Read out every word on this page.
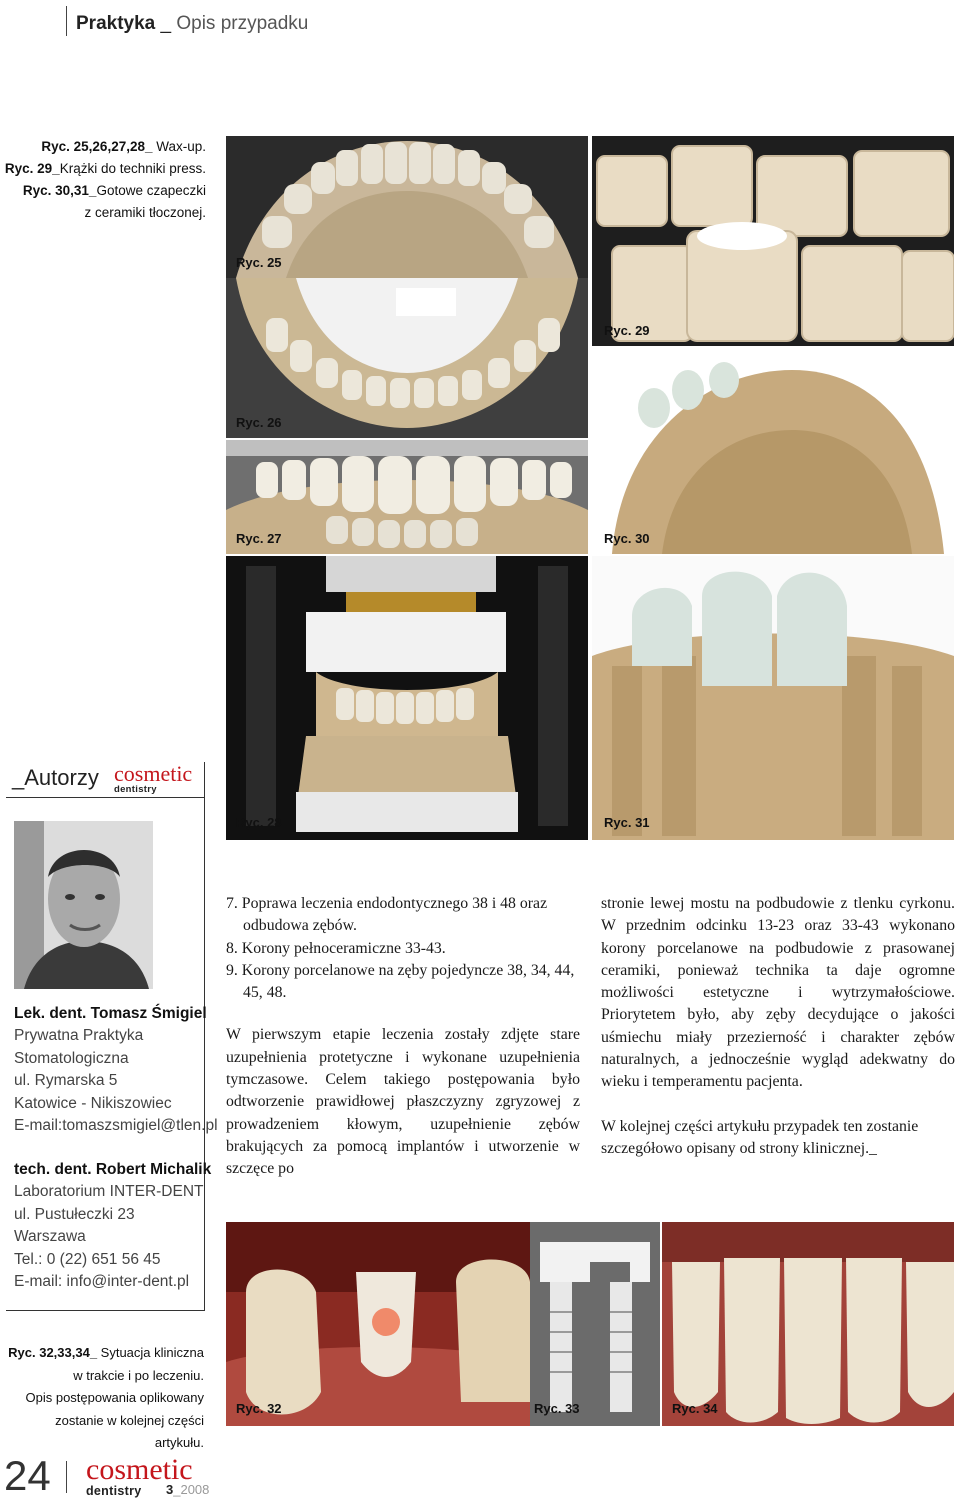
Praktyka _ Opis przypadku

Ryc. 25,26,27,28_ Wax-up.

Ryc. 29_Krążki do techniki press.

Ryc. 30,31_Gotowe czapeczki

z ceramiki tłoczonej.

Ryc. 25
Ryc. 26
Ryc. 27
Ryc. 28
Ryc. 29
Ryc. 30
Ryc. 31
_Autorzy cosmetic
dentistry
Lek. dent. Tomasz Śmigiel
Prywatna Praktyka
Stomatologiczna
ul. Rymarska 5
Katowice - Nikiszowiec
E-mail:tomaszsmigiel@tlen.pl
tech. dent. Robert Michalik
Laboratorium INTER-DENT
ul. Pustułeczki 23
Warszawa
Tel.: 0 (22) 651 56 45
E-mail: info@inter-dent.pl

7. Poprawa leczenia endodontycznego 38 i 48 oraz odbudowa zębów.

8. Korony pełnoceramiczne 33-43.

9. Korony porcelanowe na zęby pojedyncze 38, 34, 44, 45, 48.

W pierwszym etapie leczenia zostały zdjęte stare uzupełnienia protetyczne i wykonane uzupełnienia tymczasowe. Celem takiego postępowania było odtworzenie prawidłowej płaszczyzny zgryzowej z prowadzeniem kłowym, uzupełnienie zębów brakujących za pomocą implantów i utworzenie w szczęce po

stronie lewej mostu na podbudowie z tlenku cyrkonu. W przednim odcinku 13-23 oraz 33-43 wykonano korony porcelanowe na podbudowie z prasowanej ceramiki, ponieważ technika ta daje ogromne możliwości estetyczne i wytrzymałościowe. Priorytetem było, aby zęby decydujące o jakości uśmiechu miały przezierność i charakter zębów naturalnych, a jednocześnie wygląd adekwatny do wieku i temperamentu pacjenta.

W kolejnej części artykułu przypadek ten zostanie szczegółowo opisany od strony klinicznej._

Ryc. 32	Ryc. 33	Ryc. 34

Ryc. 32,33,34_ Sytuacja kliniczna

w trakcie i po leczeniu.

Opis postępowania oplikowany

zostanie w kolejnej części artykułu.

24 cosmetic
dentistry	3_2008
